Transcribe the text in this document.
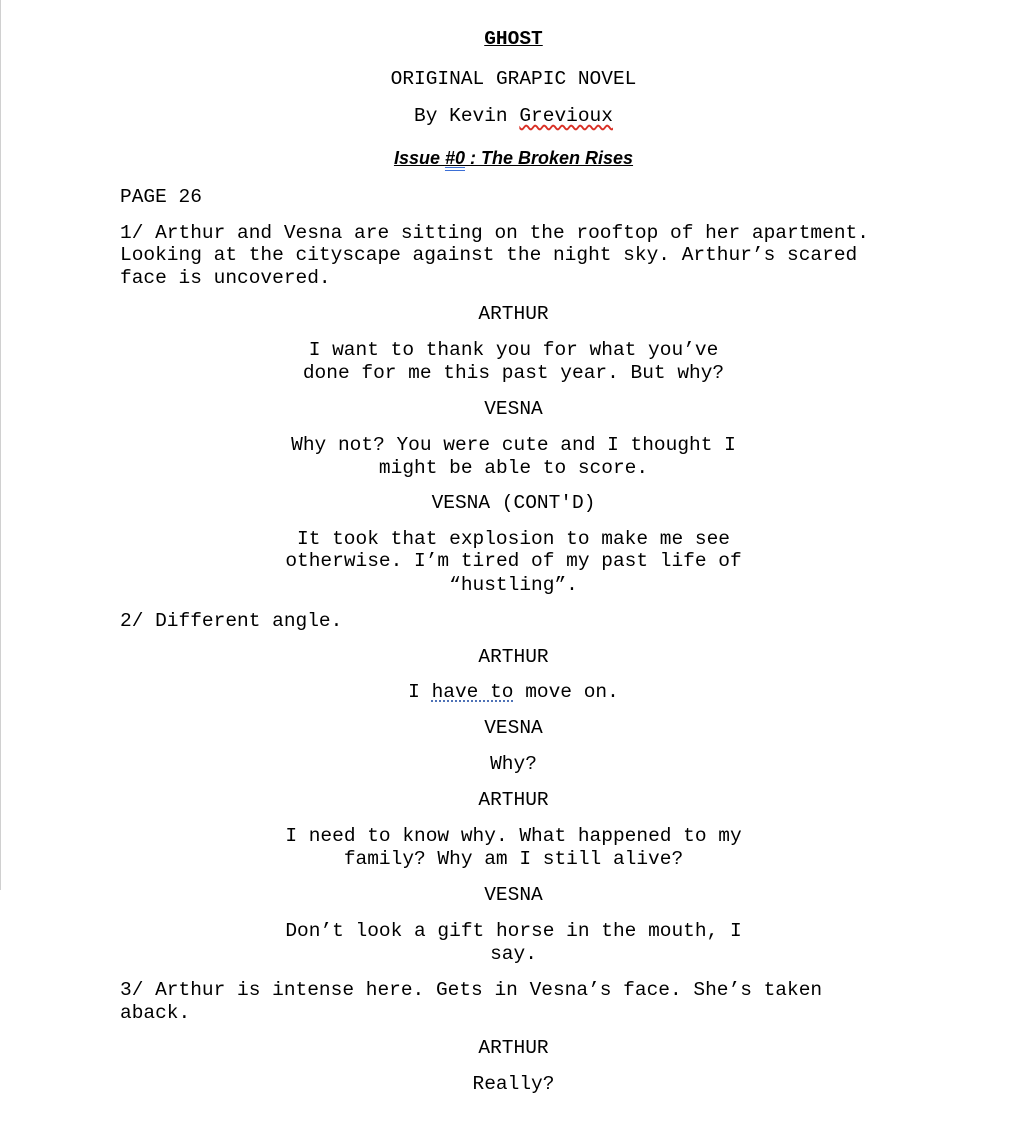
GHOST
ORIGINAL GRAPIC NOVEL
By Kevin Grevioux
Issue #0 : The Broken Rises
PAGE 26
1/ Arthur and Vesna are sitting on the rooftop of her apartment.
Looking at the cityscape against the night sky. Arthur’s scared
face is uncovered.
ARTHUR
I want to thank you for what you’ve
done for me this past year. But why?
VESNA
Why not? You were cute and I thought I
might be able to score.
VESNA (CONT'D)
It took that explosion to make me see
otherwise. I’m tired of my past life of
“hustling”.
2/ Different angle.
ARTHUR
I have to move on.
VESNA
Why?
ARTHUR
I need to know why. What happened to my
family? Why am I still alive?
VESNA
Don’t look a gift horse in the mouth, I
say.
3/ Arthur is intense here. Gets in Vesna’s face. She’s taken
aback.
ARTHUR
Really?
